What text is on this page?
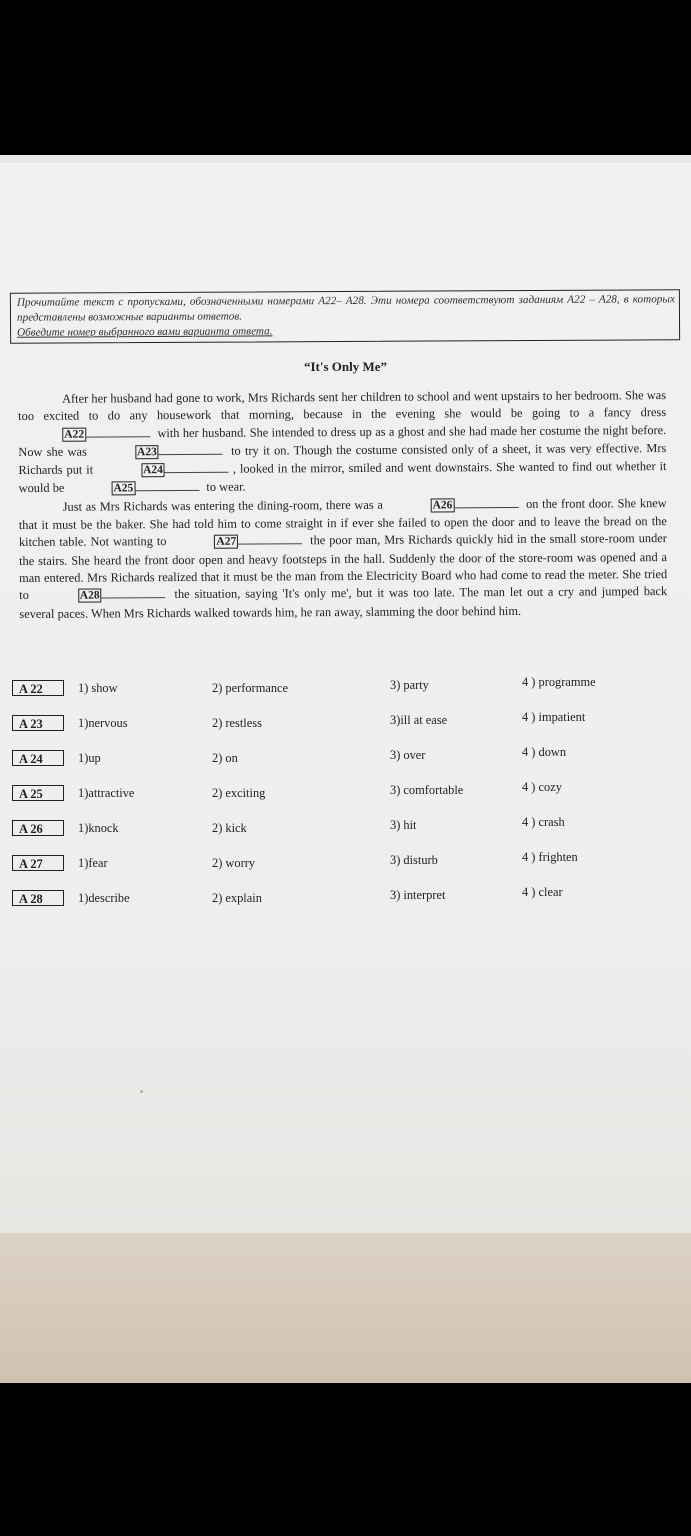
Прочитайте текст с пропусками, обозначенными номерами A22– A28. Эти номера соответствуют заданиям A22 – A28, в которых представлены возможные варианты ответов.
Обведите номер выбранного вами варианта ответа.
“It's Only Me”

After her husband had gone to work, Mrs Richards sent her children to school and went upstairs to her bedroom. She was too excited to do any housework that morning, because in the evening she would be going to a fancy dress A22	with her husband. She intended to dress up as a ghost and she had made her costume the night before. Now she was	A23	to try it on. Though the costume consisted only of a sheet, it was very effective. Mrs Richards put it	A24	, looked in the mirror, smiled and went downstairs. She wanted to find out whether it would be	A25	to wear.

Just as Mrs Richards was entering the dining-room, there was a	A26	on the front door. She knew that it must be the baker. She had told him to come straight in if ever she failed to open the door and to leave the bread on the kitchen table. Not wanting to	A27	the poor man, Mrs Richards quickly hid in the small store-room under the stairs. She heard the front door open and heavy footsteps in the hall. Suddenly the door of the store-room was opened and a man entered. Mrs Richards realized that it must be the man from the Electricity Board who had come to read the meter. She tried to	A28	the situation, saying 'It's only me', but it was too late. The man let out a cry and jumped back several paces. When Mrs Richards walked towards him, he ran away, slamming the door behind him.

A 22	1) show	2) performance	3) party	4 ) programme
A 23	1)nervous	2) restless	3)ill at ease	4 ) impatient
A 24	1)up	2) on	3) over	4 ) down
A 25	1)attractive	2) exciting	3) comfortable	4 ) cozy
A 26	1)knock	2) kick	3) hit	4 ) crash
A 27	1)fear	2) worry	3) disturb	4 ) frighten
A 28	1)describe	2) explain	3) interpret	4 ) clear
